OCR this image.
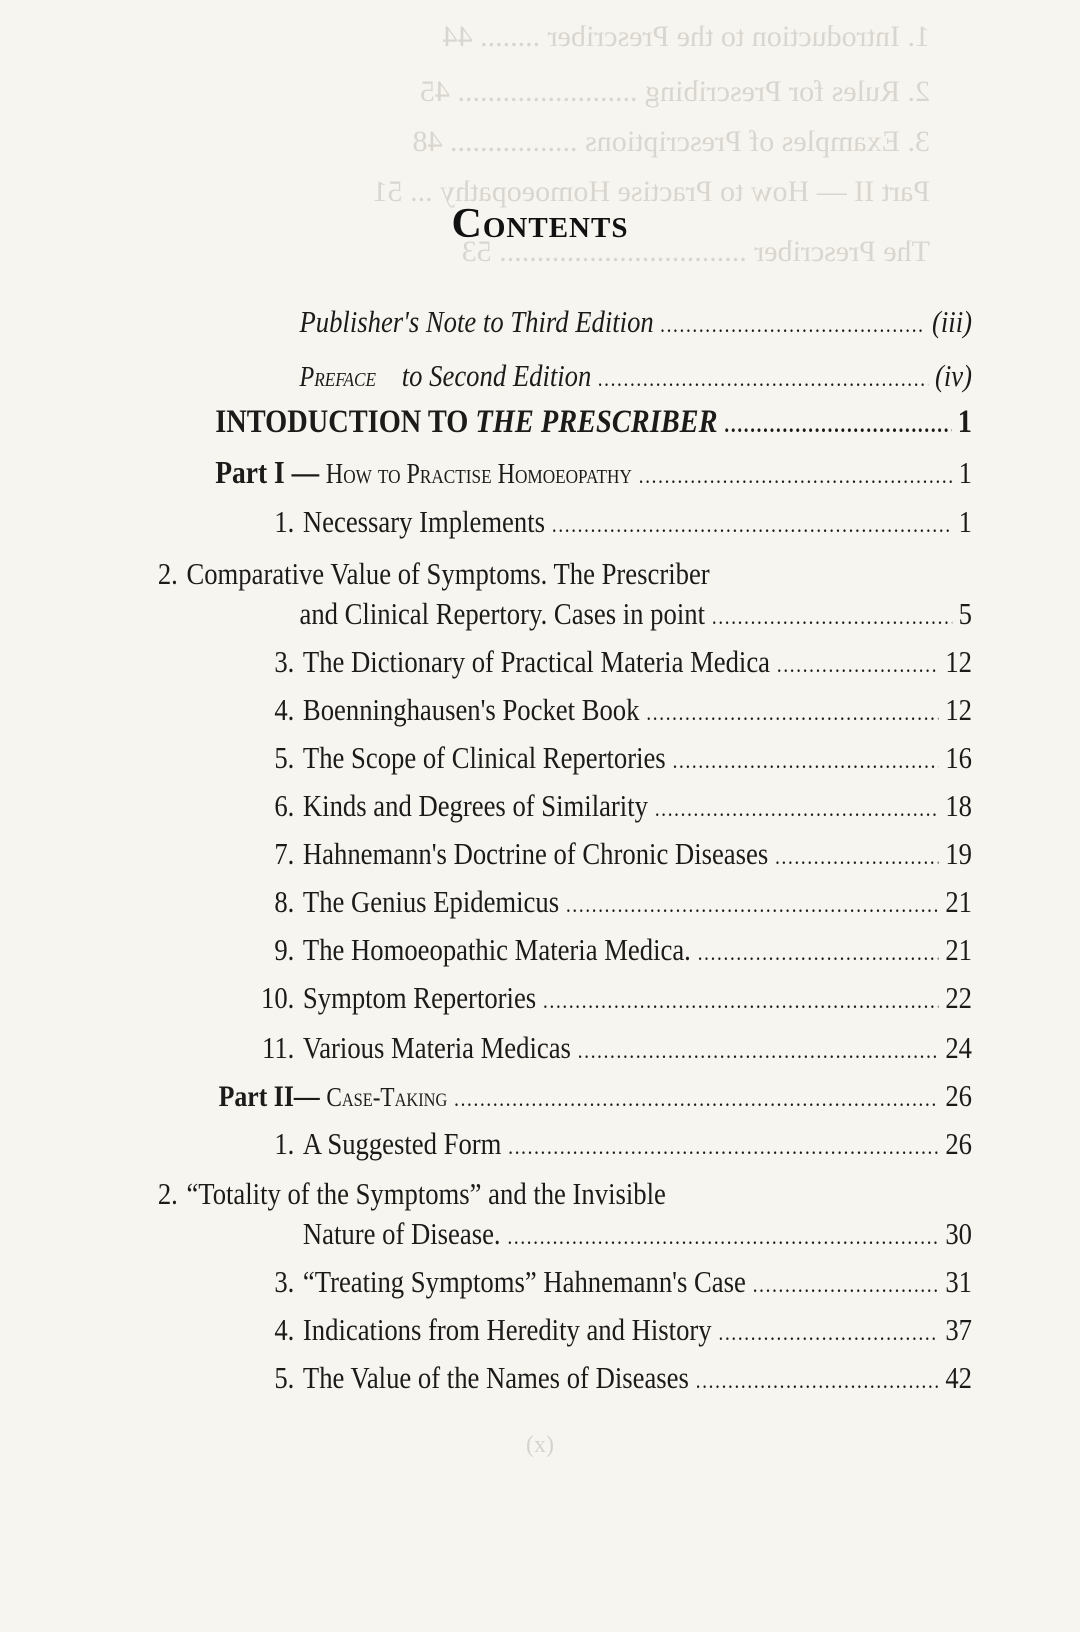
1. Introduction to the Prescriber ........ 44
2. Rules for Prescribing ........................ 45
3. Examples of Prescriptions ................. 48
Part II — How to Practise Homoeopathy ... 51
The Prescriber ................................. 53
Contents
Publisher's Note to Third Edition .....	(iii)
Preface to Second Edition .....	(iv)
INTODUCTION TO THE PRESCRIBER .....	1
Part I — How to Practise Homoeopathy .....	1
1. Necessary Implements .....	1
2. Comparative Value of Symptoms. The Prescriber
and Clinical Repertory. Cases in point .....	5
3. The Dictionary of Practical Materia Medica .....	12
4. Boenninghausen's Pocket Book .....	12
5. The Scope of Clinical Repertories .....	16
6. Kinds and Degrees of Similarity .....	18
7. Hahnemann's Doctrine of Chronic Diseases .....	19
8. The Genius Epidemicus .....	21
9. The Homoeopathic Materia Medica. .....	21
10. Symptom Repertories .....	22
11. Various Materia Medicas .....	24
Part II— Case-Taking .....	26
1. A Suggested Form .....	26
2. “Totality of the Symptoms” and the Invisible
Nature of Disease. .....	30
3. “Treating Symptoms” Hahnemann's Case .....	31
4. Indications from Heredity and History .....	37
5. The Value of the Names of Diseases .....	42
(x)
